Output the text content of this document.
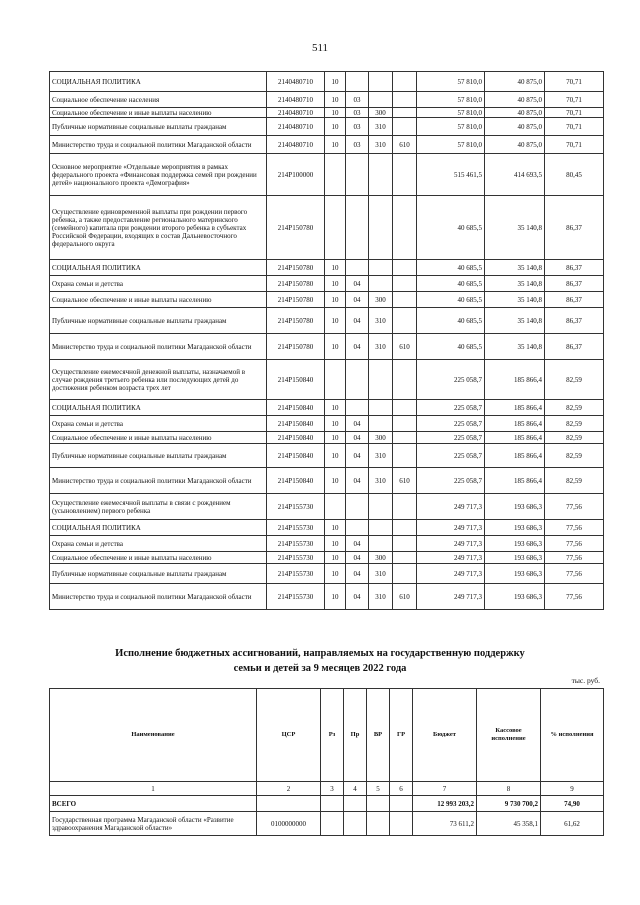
511
СОЦИАЛЬНАЯ ПОЛИТИКА	2140480710	10				57 810,0	40 875,0	70,71
Социальное обеспечение населения	2140480710	10	03			57 810,0	40 875,0	70,71
Социальное обеспечение и иные выплаты населению	2140480710	10	03	300		57 810,0	40 875,0	70,71
Публичные нормативные социальные выплаты гражданам	2140480710	10	03	310		57 810,0	40 875,0	70,71
Министерство труда и социальной политики Магаданской области	2140480710	10	03	310	610	57 810,0	40 875,0	70,71
Основное мероприятие «Отдельные мероприятия в рамках федерального проекта «Финансовая поддержка семей при рождении детей» национального проекта «Демография»	214P100000					515 461,5	414 693,5	80,45
Осуществление единовременной выплаты при рождении первого ребенка, а также предоставление регионального материнского (семейного) капитала при рождении второго ребенка в субъектах Российской Федерации, входящих в состав Дальневосточного федерального округа	214P150780					40 685,5	35 140,8	86,37
СОЦИАЛЬНАЯ ПОЛИТИКА	214P150780	10				40 685,5	35 140,8	86,37
Охрана семьи и детства	214P150780	10	04			40 685,5	35 140,8	86,37
Социальное обеспечение и иные выплаты населению	214P150780	10	04	300		40 685,5	35 140,8	86,37
Публичные нормативные социальные выплаты гражданам	214P150780	10	04	310		40 685,5	35 140,8	86,37
Министерство труда и социальной политики Магаданской области	214P150780	10	04	310	610	40 685,5	35 140,8	86,37
Осуществление ежемесячной денежной выплаты, назначаемой в случае рождения третьего ребенка или последующих детей до достижения ребенком возраста трех лет	214P150840					225 058,7	185 866,4	82,59
СОЦИАЛЬНАЯ ПОЛИТИКА	214P150840	10				225 058,7	185 866,4	82,59
Охрана семьи и детства	214P150840	10	04			225 058,7	185 866,4	82,59
Социальное обеспечение и иные выплаты населению	214P150840	10	04	300		225 058,7	185 866,4	82,59
Публичные нормативные социальные выплаты гражданам	214P150840	10	04	310		225 058,7	185 866,4	82,59
Министерство труда и социальной политики Магаданской области	214P150840	10	04	310	610	225 058,7	185 866,4	82,59
Осуществление ежемесячной выплаты в связи с рождением (усыновлением) первого ребенка	214P155730					249 717,3	193 686,3	77,56
СОЦИАЛЬНАЯ ПОЛИТИКА	214P155730	10				249 717,3	193 686,3	77,56
Охрана семьи и детства	214P155730	10	04			249 717,3	193 686,3	77,56
Социальное обеспечение и иные выплаты населению	214P155730	10	04	300		249 717,3	193 686,3	77,56
Публичные нормативные социальные выплаты гражданам	214P155730	10	04	310		249 717,3	193 686,3	77,56
Министерство труда и социальной политики Магаданской области	214P155730	10	04	310	610	249 717,3	193 686,3	77,56
Исполнение бюджетных ассигнований, направляемых на государственную поддержку
семьи и детей за 9 месяцев 2022 года
тыс. руб.
Наименование	ЦСР	Рз	Пр	ВР	ГР	Бюджет	Кассовое исполнение	% исполнения
1	2	3	4	5	6	7	8	9
ВСЕГО						12 993 203,2	9 730 700,2	74,90
Государственная программа Магаданской области «Развитие здравоохранения Магаданской области»	0100000000					73 611,2	45 358,1	61,62
